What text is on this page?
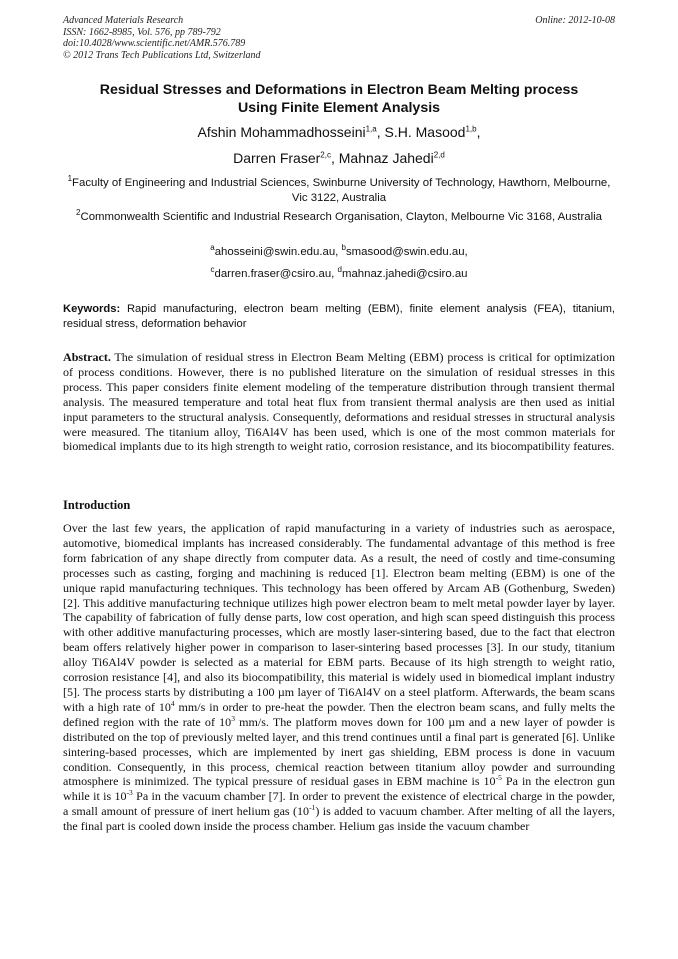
Advanced Materials Research
ISSN: 1662-8985, Vol. 576, pp 789-792
doi:10.4028/www.scientific.net/AMR.576.789
© 2012 Trans Tech Publications Ltd, Switzerland
Online: 2012-10-08
Residual Stresses and Deformations in Electron Beam Melting process
Using Finite Element Analysis
Afshin Mohammadhosseini$^{1,a}$, S.H. Masood$^{1,b}$,
Darren Fraser$^{2,c}$, Mahnaz Jahedi$^{2,d}$
$^1$Faculty of Engineering and Industrial Sciences, Swinburne University of Technology, Hawthorn, Melbourne, Vic 3122, Australia
$^2$Commonwealth Scientific and Industrial Research Organisation, Clayton, Melbourne Vic 3168, Australia
$^a$ahosseini@swin.edu.au, $^b$smasood@swin.edu.au,
$^c$darren.fraser@csiro.au, $^d$mahnaz.jahedi@csiro.au
Keywords: Rapid manufacturing, electron beam melting (EBM), finite element analysis (FEA), titanium, residual stress, deformation behavior
Abstract. The simulation of residual stress in Electron Beam Melting (EBM) process is critical for optimization of process conditions. However, there is no published literature on the simulation of residual stresses in this process. This paper considers finite element modeling of the temperature distribution through transient thermal analysis. The measured temperature and total heat flux from transient thermal analysis are then used as initial input parameters to the structural analysis. Consequently, deformations and residual stresses in structural analysis were measured. The titanium alloy, Ti6Al4V has been used, which is one of the most common materials for biomedical implants due to its high strength to weight ratio, corrosion resistance, and its biocompatibility features.
Introduction
Over the last few years, the application of rapid manufacturing in a variety of industries such as aerospace, automotive, biomedical implants has increased considerably. The fundamental advantage of this method is free form fabrication of any shape directly from computer data. As a result, the need of costly and time-consuming processes such as casting, forging and machining is reduced [1]. Electron beam melting (EBM) is one of the unique rapid manufacturing techniques. This technology has been offered by Arcam AB (Gothenburg, Sweden) [2]. This additive manufacturing technique utilizes high power electron beam to melt metal powder layer by layer. The capability of fabrication of fully dense parts, low cost operation, and high scan speed distinguish this process with other additive manufacturing processes, which are mostly laser-sintering based, due to the fact that electron beam offers relatively higher power in comparison to laser-sintering based processes [3]. In our study, titanium alloy Ti6Al4V powder is selected as a material for EBM parts. Because of its high strength to weight ratio, corrosion resistance [4], and also its biocompatibility, this material is widely used in biomedical implant industry [5]. The process starts by distributing a 100 µm layer of Ti6Al4V on a steel platform. Afterwards, the beam scans with a high rate of $10^4$ mm/s in order to pre-heat the powder. Then the electron beam scans, and fully melts the defined region with the rate of $10^3$ mm/s. The platform moves down for 100 µm and a new layer of powder is distributed on the top of previously melted layer, and this trend continues until a final part is generated [6]. Unlike sintering-based processes, which are implemented by inert gas shielding, EBM process is done in vacuum condition. Consequently, in this process, chemical reaction between titanium alloy powder and surrounding atmosphere is minimized. The typical pressure of residual gases in EBM machine is $10^{-5}$ Pa in the electron gun while it is $10^{-3}$ Pa in the vacuum chamber [7]. In order to prevent the existence of electrical charge in the powder, a small amount of pressure of inert helium gas $(10^{-1})$ is added to vacuum chamber. After melting of all the layers, the final part is cooled down inside the process chamber. Helium gas inside the vacuum chamber
